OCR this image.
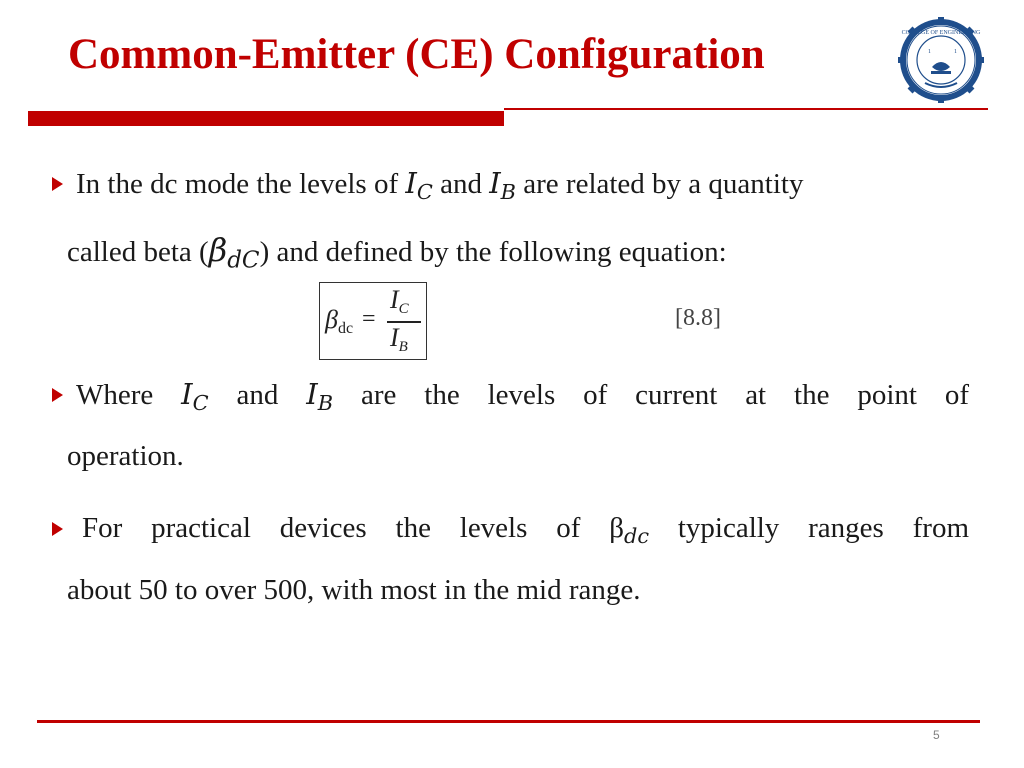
Common-Emitter (CE) Configuration	COLLEGE OF ENGINEERING
1	1
In the dc mode the levels of $I_C$ and $I_B$ are related by a quantity
called beta $(\beta_{dC})$ and defined by the following equation:
$\beta_{dc}$ =
$I_C$
$I_B$
[8.8]
Where $I_C$ and $I_B$ are the levels of current at the point of
operation.
For practical devices the levels of $\beta_{dc}$ typically ranges from
about 50 to over 500, with most in the mid range.
5
